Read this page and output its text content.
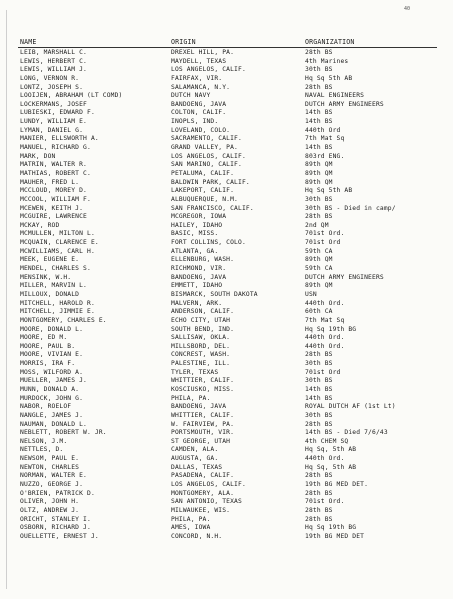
40
NAME	ORIGIN	ORGANIZATION
LEIB, MARSHALL C.	DREXEL HILL, PA.	28th BS
LEWIS, HERBERT C.	MAYDELL, TEXAS	4th Marines
LEWIS, WILLIAM J.	LOS ANGELOS, CALIF.	30th BS
LONG, VERNON R.	FAIRFAX, VIR.	Hq Sq 5th AB
LONTZ, JOSEPH S.	SALAMANCA, N.Y.	28th BS
LOOIJEN, ABRAHAM (LT COMD)	DUTCH NAVY	NAVAL ENGINEERS
LOCKERMANS, JOSEF	BANDOENG, JAVA	DUTCH ARMY ENGINEERS
LUBIESKI, EDWARD F.	COLTON, CALIF.	14th BS
LUNDY, WILLIAM E.	INOPLS, IND.	14th BS
LYMAN, DANIEL G.	LOVELAND, COLO.	440th Ord
MANIER, ELLSWORTH A.	SACRAMENTO, CALIF.	7th Mat Sq
MANUEL, RICHARD G.	GRAND VALLEY, PA.	14th BS
MARK, DON	LOS ANGELOS, CALIF.	803rd ENG.
MATRIN, WALTER R.	SAN MARINO, CALIF.	89th QM
MATHIAS, ROBERT C.	PETALUMA, CALIF.	89th QM
MAUHER, FRED L.	BALDWIN PARK, CALIF.	89th QM
MCCLOUD, MOREY D.	LAKEPORT, CALIF.	Hq Sq 5th AB
MCCOOL, WILLIAM F.	ALBUQUERQUE, N.M.	30th BS
MCEWEN, KEITH J.	SAN FRANCISCO, CALIF.	30th BS - Died in camp/
MCGUIRE, LAWRENCE	MCGREGOR, IOWA	28th BS
MCKAY, ROD	HAILEY, IDAHO	2nd QM
MCMULLEN, MILTON L.	BASIC, MISS.	701st Ord.
MCQUAIN, CLARENCE E.	FORT COLLINS, COLO.	701st Ord
MCWILLIAMS, CARL H.	ATLANTA, GA.	59th CA
MEEK, EUGENE E.	ELLENBURG, WASH.	89th QM
MENDEL, CHARLES S.	RICHMOND, VIR.	59th CA
MENSINK, W.H.	BANDOENG, JAVA	DUTCH ARMY ENGINEERS
MILLER, MARVIN L.	EMMETT, IDAHO	89th QM
MILLOUX, DONALD	BISMARCK, SOUTH DAKOTA	USN
MITCHELL, HAROLD R.	MALVERN, ARK.	440th Ord.
MITCHELL, JIMMIE E.	ANDERSON, CALIF.	60th CA
MONTGOMERY, CHARLES E.	ECHO CITY, UTAH	7th Mat Sq
MOORE, DONALD L.	SOUTH BEND, IND.	Hq Sq 19th BG
MOORE, ED M.	SALLISAW, OKLA.	440th Ord.
MOORE, PAUL B.	MILLSBORD, DEL.	440th Ord.
MOORE, VIVIAN E.	CONCREST, WASH.	28th BS
MORRIS, IRA F.	PALESTINE, ILL.	30th BS
MOSS, WILFORD A.	TYLER, TEXAS	701st Ord
MUELLER, JAMES J.	WHITTIER, CALIF.	30th BS
MUNN, DONALD A.	KOSCIUSKO, MISS.	14th BS
MURDOCK, JOHN G.	PHILA, PA.	14th BS
NABOR, ROELOF	BANDOENG, JAVA	ROYAL DUTCH AF (1st Lt)
NANGLE, JAMES J.	WHITTIER, CALIF.	30th BS
NAUMAN, DONALD L.	W. FAIRVIEW, PA.	28th BS
NEBLETT, ROBERT W. JR.	PORTSMOUTH, VIR.	14th BS - Died 7/6/43
NELSON, J.M.	ST GEORGE, UTAH	4th CHEM SQ
NETTLES, D.	CAMDEN, ALA.	Hq Sq, 5th AB
NEWSOM, PAUL E.	AUGUSTA, GA.	440th Ord.
NEWTON, CHARLES	DALLAS, TEXAS	Hq Sq, 5th AB
NORMAN, WALTER E.	PASADENA, CALIF.	28th BS
NUZZO, GEORGE J.	LOS ANGELOS, CALIF.	19th BG MED DET.
O'BRIEN, PATRICK D.	MONTGOMERY, ALA.	28th BS
OLIVER, JOHN H.	SAN ANTONIO, TEXAS	701st Ord.
OLTZ, ANDREW J.	MILWAUKEE, WIS.	28th BS
ORICHT, STANLEY I.	PHILA, PA.	28th BS
OSBORN, RICHARD J.	AMES, IOWA	Hq Sq 19th BG
OUELLETTE, ERNEST J.	CONCORD, N.H.	19th BG MED DET
